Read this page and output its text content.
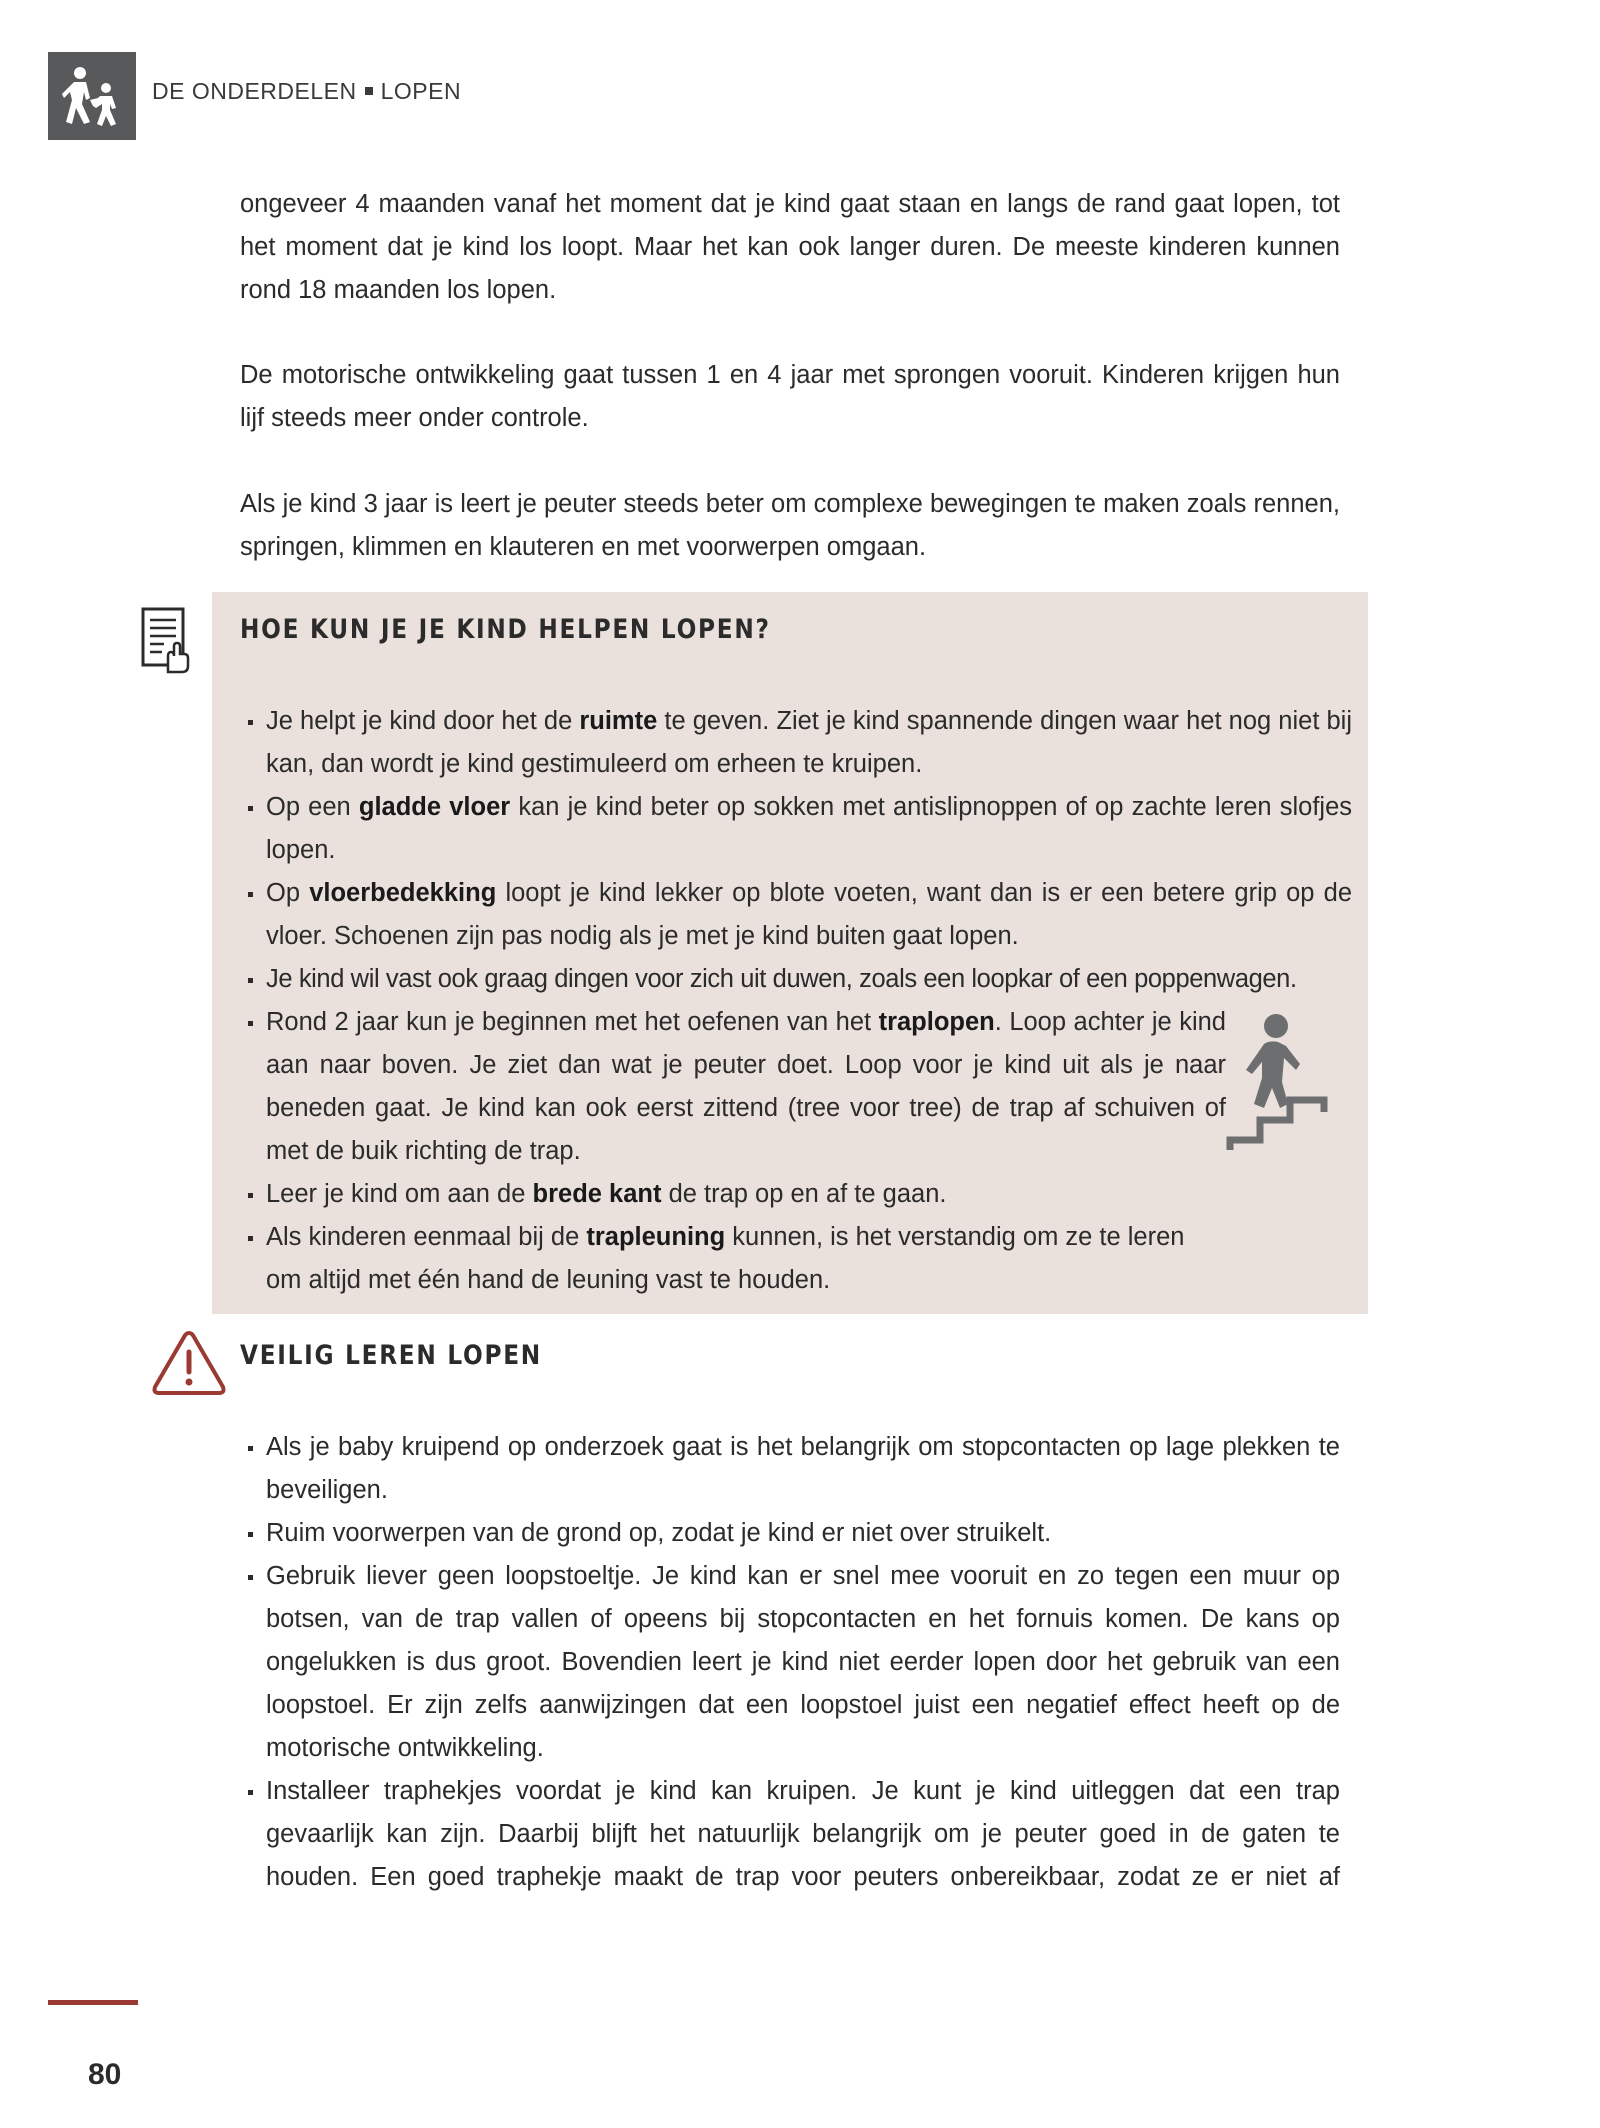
DE ONDERDELEN LOPEN

ongeveer 4 maanden vanaf het moment dat je kind gaat staan en langs de rand gaat lopen, tot het moment dat je kind los loopt. Maar het kan ook langer duren. De meeste kinderen kunnen rond 18 maanden los lopen.

De motorische ontwikkeling gaat tussen 1 en 4 jaar met sprongen vooruit. Kinderen krijgen hun lijf steeds meer onder controle.

Als je kind 3 jaar is leert je peuter steeds beter om complexe bewegingen te maken zoals rennen, springen, klimmen en klauteren en met voorwerpen omgaan.

HOE KUN JE JE KIND HELPEN LOPEN?
Je helpt je kind door het de ruimte te geven. Ziet je kind spannende dingen waar het nog niet bij kan, dan wordt je kind gestimuleerd om erheen te kruipen.
Op een gladde vloer kan je kind beter op sokken met antislipnoppen of op zachte leren slofjes lopen.
Op vloerbedekking loopt je kind lekker op blote voeten, want dan is er een betere grip op de vloer. Schoenen zijn pas nodig als je met je kind buiten gaat lopen.
Je kind wil vast ook graag dingen voor zich uit duwen, zoals een loopkar of een poppenwagen.
Rond 2 jaar kun je beginnen met het oefenen van het traplopen. Loop achter je kind aan naar boven. Je ziet dan wat je peuter doet. Loop voor je kind uit als je naar beneden gaat. Je kind kan ook eerst zittend (tree voor tree) de trap af schuiven of met de buik richting de trap.
Leer je kind om aan de brede kant de trap op en af te gaan.
Als kinderen eenmaal bij de trapleuning kunnen, is het verstandig om ze te leren om altijd met één hand de leuning vast te houden.
VEILIG LEREN LOPEN
Als je baby kruipend op onderzoek gaat is het belangrijk om stopcontacten op lage plekken te beveiligen.
Ruim voorwerpen van de grond op, zodat je kind er niet over struikelt.
Gebruik liever geen loopstoeltje. Je kind kan er snel mee vooruit en zo tegen een muur op botsen, van de trap vallen of opeens bij stopcontacten en het fornuis komen. De kans op ongelukken is dus groot. Bovendien leert je kind niet eerder lopen door het gebruik van een loopstoel. Er zijn zelfs aanwijzingen dat een loopstoel juist een negatief effect heeft op de motorische ontwikkeling.
Installeer traphekjes voordat je kind kan kruipen. Je kunt je kind uitleggen dat een trap gevaarlijk kan zijn. Daarbij blijft het natuurlijk belangrijk om je peuter goed in de gaten te houden. Een goed traphekje maakt de trap voor peuters onbereikbaar, zodat ze er niet af
80
